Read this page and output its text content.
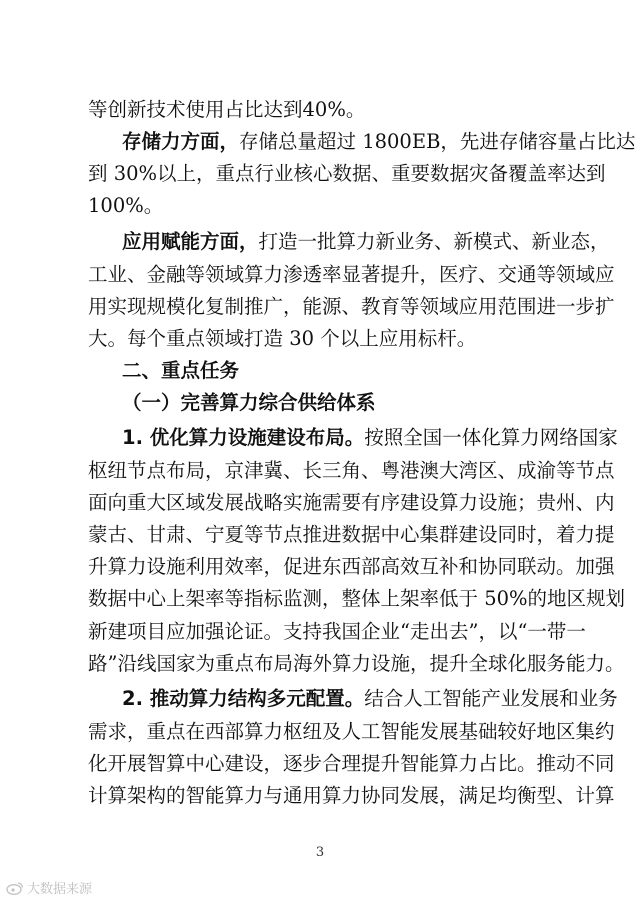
等创新技术使用占比达到40%。
存储力方面，存储总量超过 1800EB，先进存储容量占比达
到 30%以上，重点行业核心数据、重要数据灾备覆盖率达到
100%。
应用赋能方面，打造一批算力新业务、新模式、新业态，
工业、金融等领域算力渗透率显著提升，医疗、交通等领域应
用实现规模化复制推广，能源、教育等领域应用范围进一步扩
大。每个重点领域打造 30 个以上应用标杆。
二、重点任务
（一）完善算力综合供给体系
1. 优化算力设施建设布局。按照全国一体化算力网络国家
枢纽节点布局，京津冀、长三角、粤港澳大湾区、成渝等节点
面向重大区域发展战略实施需要有序建设算力设施；贵州、内
蒙古、甘肃、宁夏等节点推进数据中心集群建设同时，着力提
升算力设施利用效率，促进东西部高效互补和协同联动。加强
数据中心上架率等指标监测，整体上架率低于 50%的地区规划
新建项目应加强论证。支持我国企业“走出去”，以“一带一
路”沿线国家为重点布局海外算力设施，提升全球化服务能力。
2. 推动算力结构多元配置。结合人工智能产业发展和业务
需求，重点在西部算力枢纽及人工智能发展基础较好地区集约
化开展智算中心建设，逐步合理提升智能算力占比。推动不同
计算架构的智能算力与通用算力协同发展，满足均衡型、计算
3
大数据来源
